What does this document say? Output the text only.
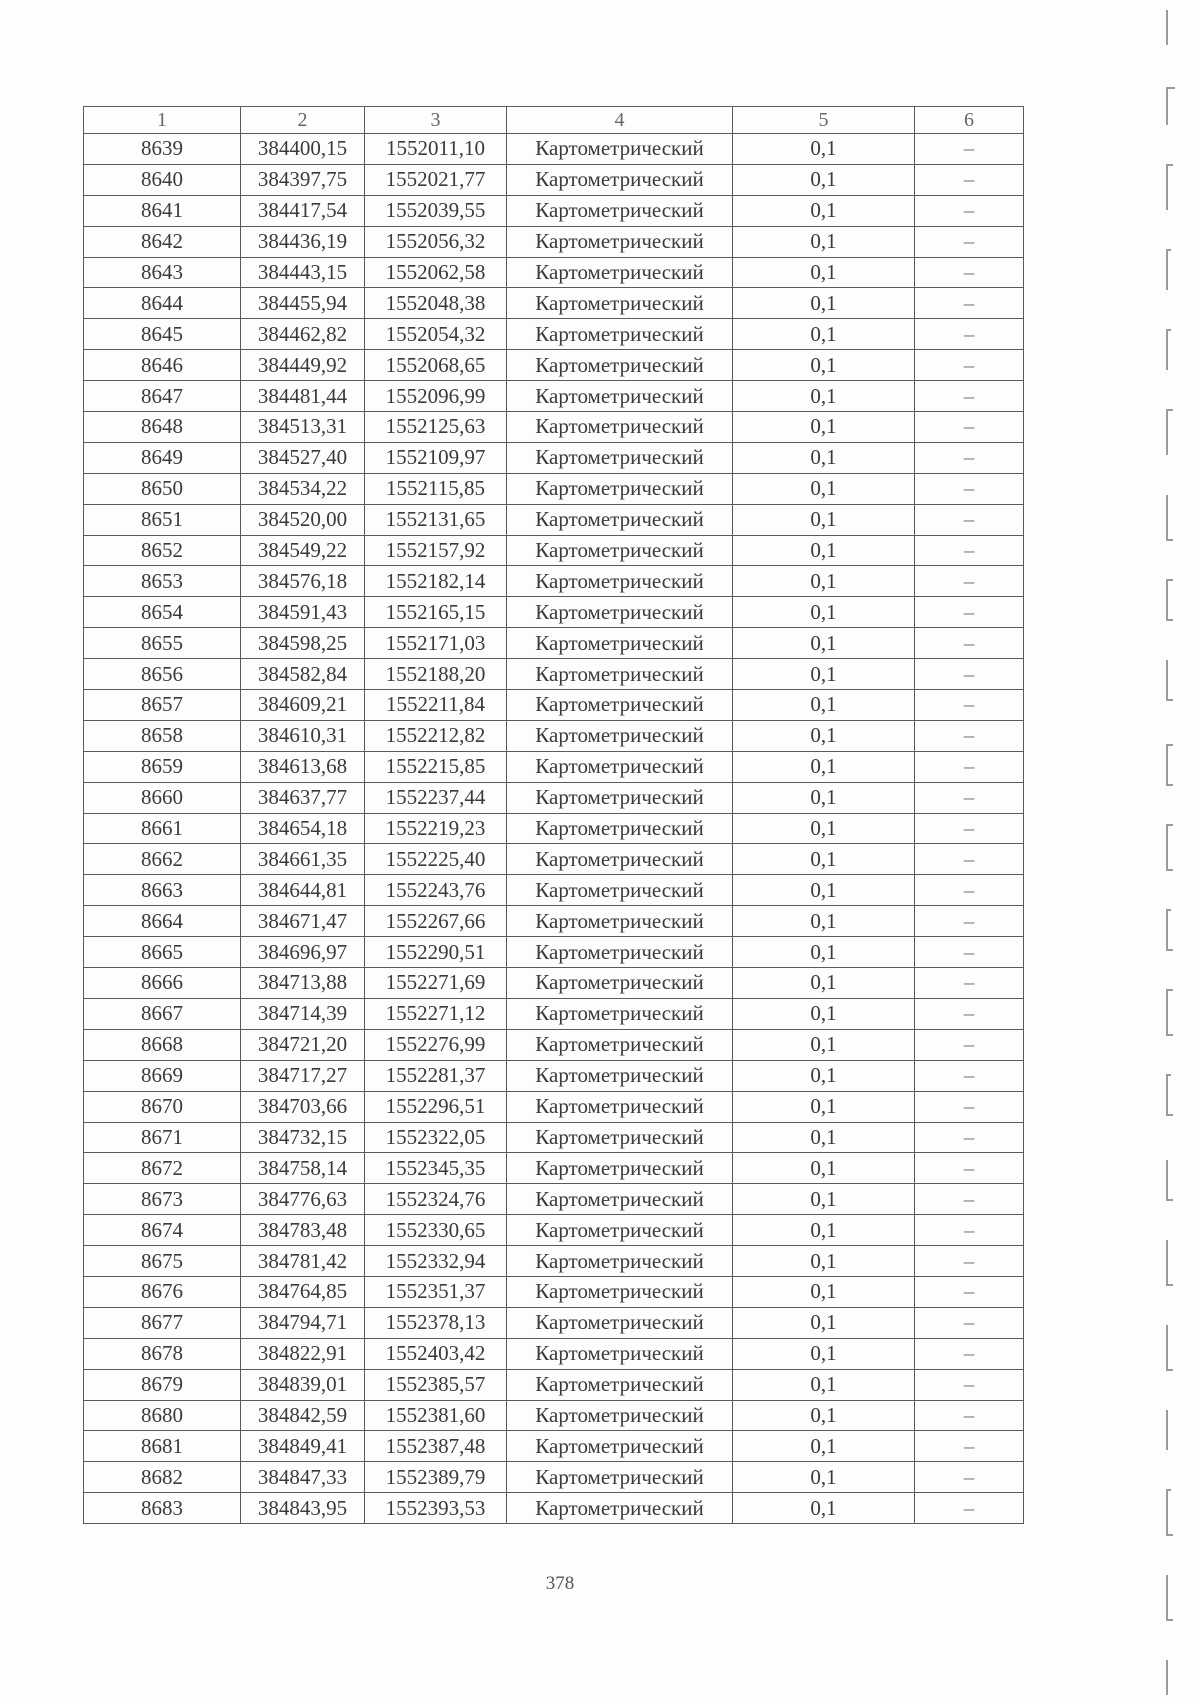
1	2	3	4	5	6
8639	384400,15	1552011,10	Картометрический	0,1	–
8640	384397,75	1552021,77	Картометрический	0,1	–
8641	384417,54	1552039,55	Картометрический	0,1	–
8642	384436,19	1552056,32	Картометрический	0,1	–
8643	384443,15	1552062,58	Картометрический	0,1	–
8644	384455,94	1552048,38	Картометрический	0,1	–
8645	384462,82	1552054,32	Картометрический	0,1	–
8646	384449,92	1552068,65	Картометрический	0,1	–
8647	384481,44	1552096,99	Картометрический	0,1	–
8648	384513,31	1552125,63	Картометрический	0,1	–
8649	384527,40	1552109,97	Картометрический	0,1	–
8650	384534,22	1552115,85	Картометрический	0,1	–
8651	384520,00	1552131,65	Картометрический	0,1	–
8652	384549,22	1552157,92	Картометрический	0,1	–
8653	384576,18	1552182,14	Картометрический	0,1	–
8654	384591,43	1552165,15	Картометрический	0,1	–
8655	384598,25	1552171,03	Картометрический	0,1	–
8656	384582,84	1552188,20	Картометрический	0,1	–
8657	384609,21	1552211,84	Картометрический	0,1	–
8658	384610,31	1552212,82	Картометрический	0,1	–
8659	384613,68	1552215,85	Картометрический	0,1	–
8660	384637,77	1552237,44	Картометрический	0,1	–
8661	384654,18	1552219,23	Картометрический	0,1	–
8662	384661,35	1552225,40	Картометрический	0,1	–
8663	384644,81	1552243,76	Картометрический	0,1	–
8664	384671,47	1552267,66	Картометрический	0,1	–
8665	384696,97	1552290,51	Картометрический	0,1	–
8666	384713,88	1552271,69	Картометрический	0,1	–
8667	384714,39	1552271,12	Картометрический	0,1	–
8668	384721,20	1552276,99	Картометрический	0,1	–
8669	384717,27	1552281,37	Картометрический	0,1	–
8670	384703,66	1552296,51	Картометрический	0,1	–
8671	384732,15	1552322,05	Картометрический	0,1	–
8672	384758,14	1552345,35	Картометрический	0,1	–
8673	384776,63	1552324,76	Картометрический	0,1	–
8674	384783,48	1552330,65	Картометрический	0,1	–
8675	384781,42	1552332,94	Картометрический	0,1	–
8676	384764,85	1552351,37	Картометрический	0,1	–
8677	384794,71	1552378,13	Картометрический	0,1	–
8678	384822,91	1552403,42	Картометрический	0,1	–
8679	384839,01	1552385,57	Картометрический	0,1	–
8680	384842,59	1552381,60	Картометрический	0,1	–
8681	384849,41	1552387,48	Картометрический	0,1	–
8682	384847,33	1552389,79	Картометрический	0,1	–
8683	384843,95	1552393,53	Картометрический	0,1	–
378
